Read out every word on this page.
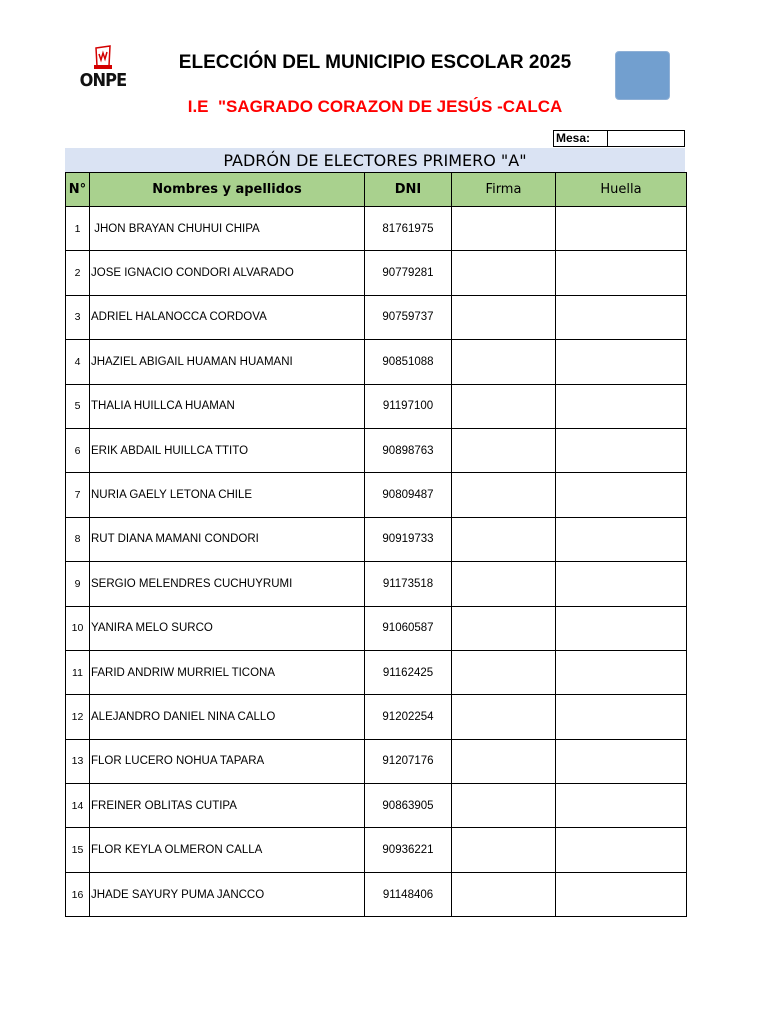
ONPE
ELECCIÓN DEL MUNICIPIO ESCOLAR 2025
I.E  "SAGRADO CORAZON DE JESÚS -CALCA
Mesa:
PADRÓN DE ELECTORES PRIMERO "A"
N°	Nombres y apellidos	DNI	Firma	Huella
1	JHON BRAYAN CHUHUI CHIPA	81761975		
2	JOSE IGNACIO CONDORI ALVARADO	90779281		
3	ADRIEL HALANOCCA CORDOVA	90759737		
4	JHAZIEL ABIGAIL HUAMAN HUAMANI	90851088		
5	THALIA HUILLCA HUAMAN	91197100		
6	ERIK ABDAIL HUILLCA TTITO	90898763		
7	NURIA GAELY LETONA CHILE	90809487		
8	RUT DIANA MAMANI CONDORI	90919733		
9	SERGIO MELENDRES CUCHUYRUMI	91173518		
10	YANIRA MELO SURCO	91060587		
11	FARID ANDRIW MURRIEL TICONA	91162425		
12	ALEJANDRO DANIEL NINA CALLO	91202254		
13	FLOR LUCERO NOHUA TAPARA	91207176		
14	FREINER OBLITAS CUTIPA	90863905		
15	FLOR KEYLA OLMERON CALLA	90936221		
16	JHADE SAYURY PUMA JANCCO	91148406		
